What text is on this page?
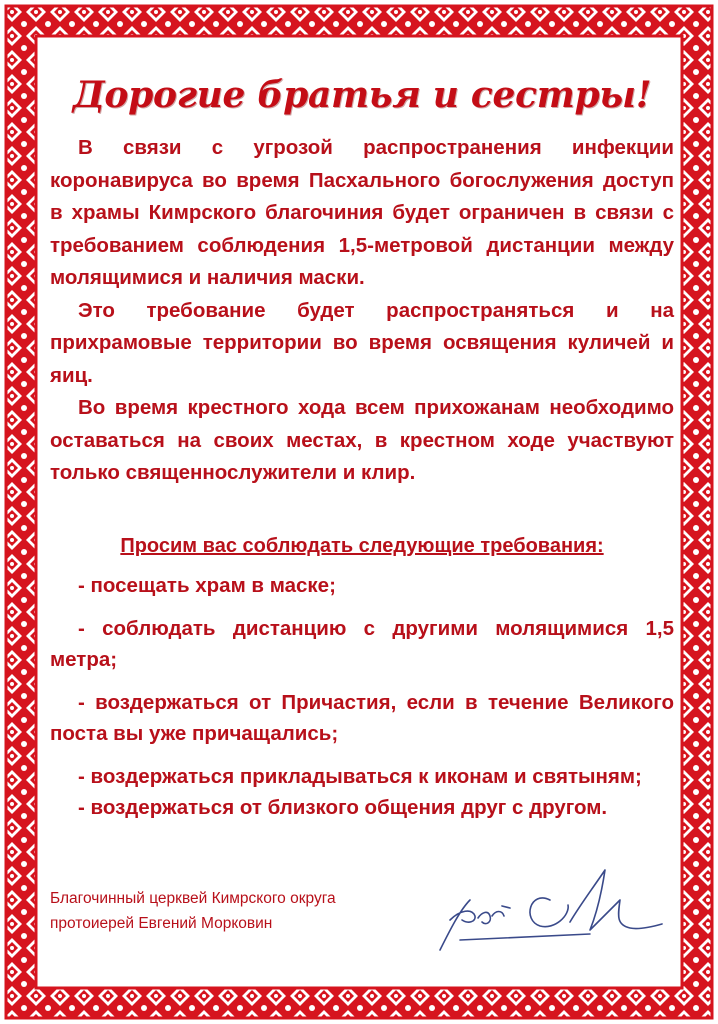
Дорогие братья и сестры!

В связи с угрозой распространения инфекции коронавируса во время Пасхального богослужения доступ в храмы Кимрского благочиния будет ограничен в связи с требованием соблюдения 1,5-метровой дистанции между молящимися и наличия маски.

Это требование будет распространяться и на прихрамовые территории во время освящения куличей и яиц.

Во время крестного хода всем прихожанам необходимо оставаться на своих местах, в крестном ходе участвуют только священнослужители и клир.

Просим вас соблюдать следующие требования:

- посещать храм в маске;

- соблюдать дистанцию с другими молящимися 1,5 метра;

- воздержаться от Причастия, если в течение Великого поста вы уже причащались;

- воздержаться прикладываться к иконам и святыням;

- воздержаться от близкого общения друг с другом.

Благочинный церквей Кимрского округа
протоиерей Евгений Морковин
